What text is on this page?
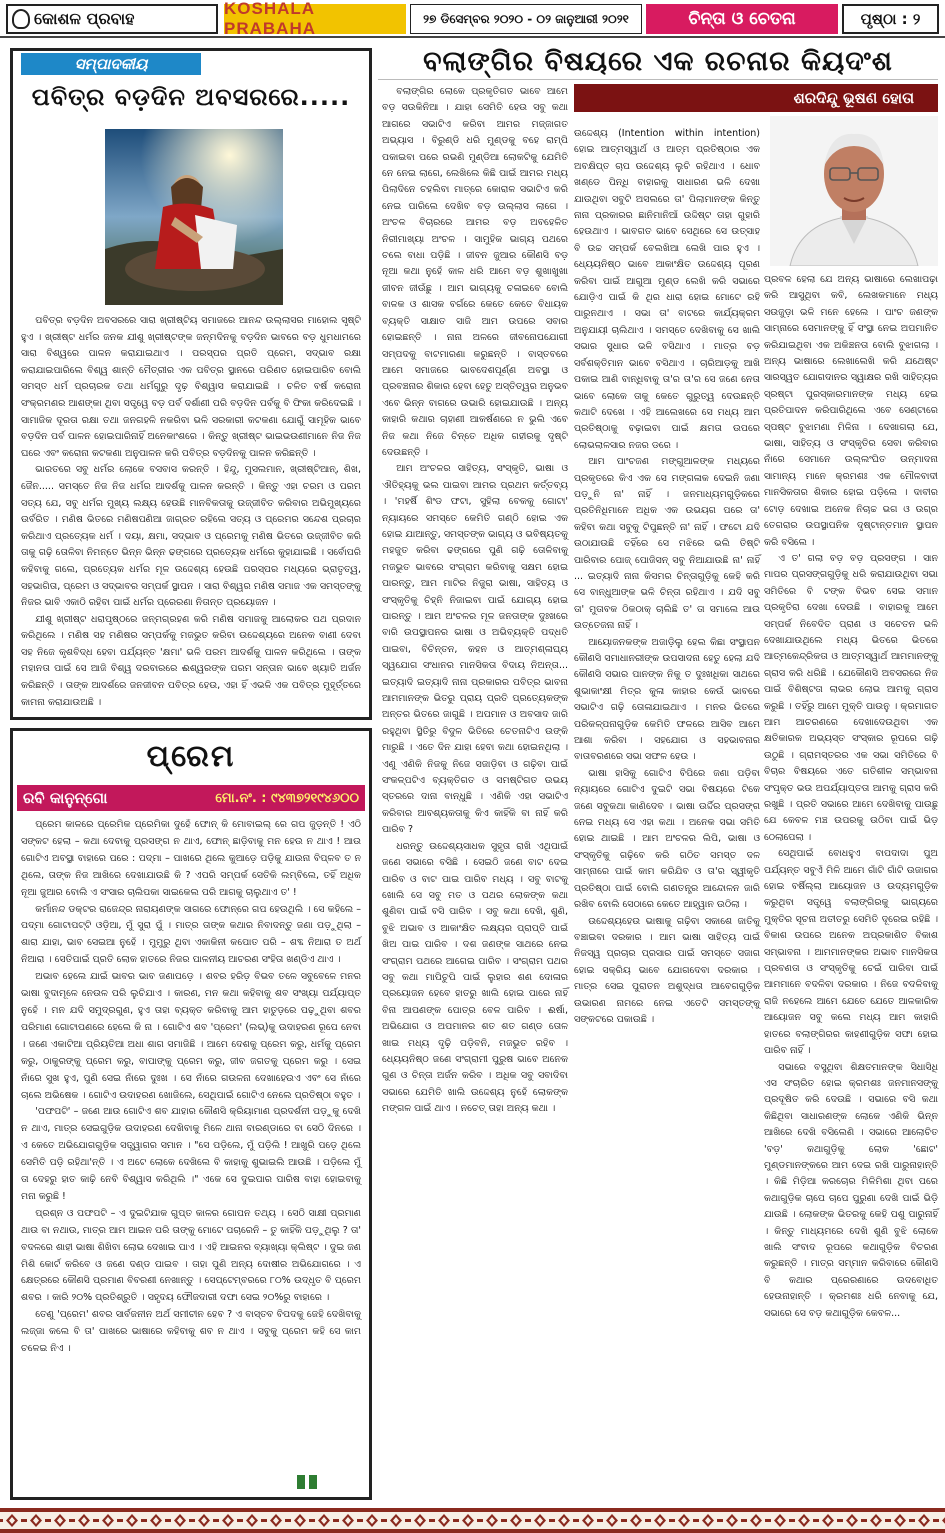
କୋଶଳ ପ୍ରବାହ
KOSHALA PRABAHA
୨୭ ଡିସେମ୍ବର ୨୦୨୦ - ୦୨ ଜାନୁଆରୀ ୨୦୨୧	ଚିନ୍ତା ଓ ଚେତନା	ପୃଷ୍ଠା : ୨
ସମ୍ପାଦକୀୟ
ପବିତ୍ର ବଡ଼ଦିନ ଅବସରରେ.....

ପବିତ୍ର ବଡ଼ଦିନ ଅବସରରେ ସାରା ଖ୍ରୀଷ୍ଟିୟ ସମାଜରେ ଆନନ୍ଦ ଉଲ୍ଲାସର ମାହୋଲ ସୃଷ୍ଟି ହୁଏ । ଖ୍ରୀଷ୍ଟ ଧର୍ମର ଜନକ ଯୀଶୁ ଖ୍ରୀଷ୍ଟଙ୍କ ଜନ୍ମଦିନକୁ ବଡ଼ଦିନ ଭାବରେ ବଡ଼ ଧୁମଧାମରେ ସାରା ବିଶ୍ୱରେ ପାଳନ କରାଯାଇଥାଏ । ପରସ୍ପର ପ୍ରତି ପ୍ରେମ, ସଦ୍‌ଭାବ ରକ୍ଷା କରାଯାଇପାରିଲେ ବିଶ୍ୱ ଶାନ୍ତି ମୈତ୍ରୀର ଏକ ପବିତ୍ର ସ୍ଥାନରେ ପରିଣତ ହୋଇପାରିବ ବୋଲି ସମସ୍ତ ଧର୍ମ ପ୍ରଚାରକ ତଥା ଧର୍ମଗୁରୁ ଦୃଢ଼ ବିଶ୍ୱାସ କରାଯାଇଛି । ଚଳିତ ବର୍ଷ କରୋନା ସଂକ୍ରମଣର ଆଶଙ୍କା ଥିବା ସତ୍ତ୍ୱେ ବଡ଼ ପର୍ବ ଦର୍ଶାଣୀ ପରି ବଡ଼ଦିନ ପର୍ବକୁ ବି ଫିକା କରିଦେଇଛି । ସାମାଜିକ ଦୂରତା ରକ୍ଷା ତଥା ଜନଗହଳି ନକରିବା ଭଳି ସରକାରୀ କଟକଣା ଯୋଗୁଁ ସାମୂହିକ ଭାବେ ବଡ଼ଦିନ ପର୍ବ ପାଳନ ହୋଇପାରିନାହିଁ ଅନେକାଂଶରେ । କିନ୍ତୁ ଖ୍ରୀଷ୍ଟ ଭାଇଭଉଣୀମାନେ ନିଜ ନିଜ ଘରେ ଏବଂ କରୋନା କଟକଣା ଅନୁପାଳନ କରି ପବିତ୍ର ବଡ଼ଦିନକୁ ପାଳନ କରିଛନ୍ତି ।

ଭାରତରେ ସବୁ ଧର୍ମର ଲୋକେ ବସବାସ କରନ୍ତି । ହିନ୍ଦୁ, ମୁସଲମାନ, ଖ୍ରୀଷ୍ଟିଆନ୍, ଶିଖ, ଜୈନ..... ସମସ୍ତେ ନିଜ ନିଜ ଧର୍ମର ଆଦର୍ଶକୁ ପାଳନ କରନ୍ତି । କିନ୍ତୁ ଏହା ଚରମ ଓ ପରମ ସତ୍ୟ ଯେ, ସବୁ ଧର୍ମର ମୁଖ୍ୟ ଲକ୍ଷ୍ୟ ହେଉଛି ମାନବିକତାକୁ ଉଜ୍ଜୀବିତ କରିବାର ଅଭିମୁଖ୍ୟରେ ଉର୍ବରିତ । ମଣିଷ ଭିତରେ ମଣିଷପଣିଆ ଜାଗ୍ରତ ରହିଲେ ସତ୍ୟ ଓ ପ୍ରେମର ସନ୍ଦେଶ ପ୍ରଚାର କରିଥାଏ ପ୍ରତ୍ୟେକ ଧର୍ମ । ଦୟା, କ୍ଷମା, ସଦ୍‌ଭାବ ଓ ପ୍ରେମକୁ ମଣିଷ ଭିତରେ ଉଜ୍ଜୀବିତ କରି ତାକୁ ଗଢ଼ି ତୋଳିବା ନିମନ୍ତେ ଭିନ୍ନ ଭିନ୍ନ ଢଙ୍ଗରେ ପ୍ରତ୍ୟେକ ଧର୍ମରେ କୁହାଯାଇଛି । ସର୍ବୋପରି କହିବାକୁ ଗଲେ, ପ୍ରତ୍ୟେକ ଧର୍ମର ମୂଳ ଉଦ୍ଦେଶ୍ୟ ହେଉଛି ପରସ୍ପର ମଧ୍ୟରେ ଭ୍ରାତୃତ୍ୱ, ସହଭାଗିତା, ପ୍ରେମ ଓ ସଦ୍‌ଭାବର ସମ୍ପର୍କ ସ୍ଥାପନ । ସାରା ବିଶ୍ୱର ମଣିଷ ସମାଜ ଏକ ସମସ୍ତଙ୍କୁ ନିଜର ଭାବି ଏକାଠି ରହିବା ପାଇଁ ଧର୍ମର ପ୍ରେରଣା ନିତାନ୍ତ ପ୍ରୟୋଜନ ।

ଯୀଶୁ ଖ୍ରୀଷ୍ଟ ଧରାପୃଷ୍ଠରେ ଜନ୍ମଗ୍ରହଣ କରି ମଣିଷ ସମାଜକୁ ଆଲୋକର ପଥ ପ୍ରଦାନ କରିଥିଲେ । ମଣିଷ ସହ ମଣିଷର ସମ୍ପର୍କକୁ ମଜଭୁତ କରିବା ଉଦ୍ଦେଶ୍ୟରେ ଅନେକ ବାଣୀ ଦେବା ସହ ନିଜେ କୃଶବିଦ୍ଧ ହେବା ପର୍ଯ୍ୟନ୍ତ 'କ୍ଷମା' ଭଳି ପରମ ଆଦର୍ଶକୁ ପାଳନ କରିଥିଲେ । ତାଙ୍କ ମହାନତା ପାଇଁ ସେ ଆଜି ବିଶ୍ୱ ଦରବାରରେ ଈଶ୍ୱରଙ୍କ ପରମ ସନ୍ତାନ ଭାବେ ଖ୍ୟାତି ଅର୍ଜନ କରିଛନ୍ତି । ତାଙ୍କ ଆଦର୍ଶରେ ଜନଜୀବନ ପବିତ୍ର ହେଉ, ଏହା ହିଁ ଏଭଳି ଏକ ପବିତ୍ର ମୁହୂର୍ତ୍ତରେ କାମନା କରାଯାଉଅଛି ।

ପ୍ରେମ
ରବି କାନୁନ୍‌ଗୋ	ମୋ.ନଂ. : ୯୪୩୭୨୧୯୪୬୦୦

ପ୍ରେମ କାଳରେ ପ୍ରେମିକ ପ୍ରେମିକା ଦୁହେଁ ଫୋନ୍ କି ମୋବାଇଲ୍ ରେ ଗପ ଜୁଡ଼ନ୍ତି ! ଏଠି ସଙ୍କଟ ହେଲା – କଥା ଦେବାକୁ ପ୍ରସଙ୍ଗ ନ ଥାଏ, ଫୋନ୍ ଛାଡ଼ିବାକୁ ମନ ହେଉ ନ ଥାଏ ! ଆଉ ଗୋଟିଏ ଅବସ୍ଥା ବାହାରେ ପରେ : ପଦ୍ମା – ପାଖରେ ଥିଲେ କୁଆଡ଼େ ପଡ଼ିକୁ ଯାଉନା ବିପ୍ଳବ ତ ନ ଥିଲେ, ତାଙ୍କ ନିଜ ଆଖିରେ ଦେଖାଯାଉଛି କି ? ଏପରି ସମ୍ପର୍କ ସେତିକି ଲମ୍ବିଲେ, ତହିଁ ଅଧିକ ନୂଆ ଜୁଆର ବୋଲି ଏ ସଂସାର ଚାଲିପକା ସାଇକେଲ ପରି ଆଗକୁ ଚାଲୁଥାଏ ତ' !

କର୍ମାନନ୍ଦ ଡକ୍ଟର ରାଜେନ୍ଦ୍ର ନାରାୟଣଙ୍କ ସାଗରେ ଫୋନ୍‌ରେ ଗପ ହେଉଥିଲି । ସେ କହିଲେ – ପଦ୍ମା ଗୋଟାପଟ୍ଟି ଓଡ଼ିଆ, ମୁଁ ସୁରା ପୁଁ । ମାତ୍ର ତାଙ୍କ କଥାର ନିବାଦନ୍ତୁ ଜଣା ପଡ଼ୁଥିଲା – ଶାରା ଯାହା, ଭାବ ସେଇଆ ନୁହେଁ । ମୁମୁରୁ ଥିବା ଏକାକିନୀ କପୋତ ପରି – ଶବ୍ଦ ନିଆରା ତ ଅର୍ଥ ନିଆରା । ସେତିପାଇଁ ପ୍ରତି ଲୋକ ହାତରେ ନିଜର ପାଳନୀୟ ଆଚରଣ ସଂହିତା ଖଣ୍ଡିଏ ଥାଏ ।

ଅଭାବ ହେଲେ ଯାଇଁ ଭାବର ଭାବ ଜଣାପଡ଼େ । ଶବର ହରିଡ଼ ବିଭବ ତଳେ ସବୁବେଳେ ମନର ଭାଷା ବୁଦାମୂଳେ ନେଉଳ ପରି ଲୁଚିଯାଏ । କାରଣ, ମନ କଥା କହିବାକୁ ଶବ ସଂଖ୍ୟା ପର୍ଯ୍ୟାପ୍ତ ନୁହେଁ । ମନ ଯଦି ସମୁଦ୍ରଗୁଣ, ହୁଏ ତାହା ବ୍ୟକ୍ତ କରିବାକୁ ଆମ ହାତୁଡ଼ରେ ପଢ଼ୁଥିବା ଶବର ପରିମାଣ ଗୋଟାପଣରେ ହେଲେ କି ନା । ଗୋଟିଏ ଶବ 'ପ୍ରେମ' (ଲଭ୍)କୁ ଉଦାହରଣ ରୂପେ ନେବା । ଜଣେ ଏକାଟିଆ ପ୍ରିୟତିଆ ଅଧା ଶାଗ ସମାଜିଛି । ଆମେ ଦେଶକୁ ପ୍ରେମ କରୁ, ଧର୍ମକୁ ପ୍ରେମ କରୁ, ଠାକୁରଙ୍କୁ ପ୍ରେମ କରୁ, ବାପାଙ୍କୁ ପ୍ରେମ କରୁ, ଜୀବ ଜଗତକୁ ପ୍ରେମ କରୁ । ସେଇ ନାଁରେ ସୁଖ ହୁଏ, ପୁଣି ସେଇ ନାଁରେ ଦୁଃଖ । ସେ ନାଁରେ ଗଉଳନା ଦେଖାହେଉଏ ଏବଂ ସେ ନାଁରେ ଚାଲେ ଅଭିଷେକ । ଗୋଟିଏ ଉଦାହରଣ ଖୋଜିଲେ, ସେଥିପାଇଁ ଗୋଟିଏ ନେଲେ ପ୍ରତିଷ୍ଠା ବହୁତ ।

'ପଫପଟି' – ଜଣେ ଆଉ ଗୋଟିଏ ଶବ ଯାହାର କୌଣସି କ୍ରିୟାମାଣ ପ୍ରଦର୍ଶନୀ ପଡ଼ୁକୁ ଦେଖି ନ ଥାଏ, ମାତ୍ର ସେଇଗୁଡ଼ିକ ଉଦାହରଣ ଦେଖିବାକୁ ମିଳେ ଥାନା ବାରଣ୍ଡାରେ ବା ସେଠି ଦିନରେ । ଏ କେତେ ଅଭିଯୋଗଗୁଡ଼ିକ ସତ୍ତ୍ୱାଗର ସମାନ । "ସେ ପଡ଼ିଲେ, ମୁଁ ପଡ଼ିଲି ! ଆଖୁରି ପଡ଼େ ଥିଲେ ସେମିତି ପଡ଼ି ରହିଥା'ନ୍ତି । ଏ ଅଟେ ଲୋକେ ଦେଖିଲେ ବି କାହାକୁ ଶୁଭାଇଲି ଆଉଛି । ପଡ଼ିଲେ ମୁଁ ତା ଦେହରୁ ହାତ କାଢ଼ି ନେବି ବିଶ୍ୱାସ କରିଥିଲି ।" ଏକେ ସେ ଦୁଇପାର ପାରିଷ ବାହା ହୋଇବାକୁ ମନା କରୁଛି !

ପ୍ରଶ୍ନ ଓ ପଫପଟି – ଏ ଦୁଇଟିଯାକ ଗୁପ୍ତ କାଳର ଗୋପନ ତଥ୍ୟ । ସେଠି ସାକ୍ଷୀ ପ୍ରମାଣ ଥାଉ ବା ନଥାଉ, ମାତ୍ର ଆମ ଆଇନ ପରି ତାଙ୍କୁ ମୋଟେ ପଚାରେନି – ତୁ କାହିଁକି ପଡ଼ୁଥିଲୁ ? ତା' ବଦଳରେ ଶାହୀ ଭାଷା ଶିଖିବା ଲୋଭ ଦେଖାଇ ପାଏ । ଏହି ଆଇନର ବ୍ୟାଖ୍ୟା କ୍ଲିଷ୍ଟ । ଦୁଇ ଜଣ ମିଶି କୋର୍ଟ କରିବେ ଓ ଜଣେ ଦଣ୍ଡ ପାଇବ । ତାହା ପୁଣି ଅନ୍ୟ ଦୋଷୀର ଅଭିଯୋଗରେ । ଏ କ୍ଷେତ୍ରରେ କୌଣସି ପ୍ରମାଣ ବିବରଣୀ ନେଖାନ୍ତୁ । ସେପ୍ଟେମ୍ବରରେ ୮୦% ଉଦ୍ଧୃତ ବି ପ୍ରେମ ଶବର । କାରି ୨୦% ପ୍ରତିଶ୍ରୁତି । ସହୃଦୟ ଫୌଜଦାରୀ ଦଫା ସେଇ ୨୦%ରୁ ବାହାରେ ।

ତେଣୁ 'ପ୍ରେମ' ଶବର ସାର୍ବଜନୀନ ଅର୍ଥ ସମୀଚୀନ ହେବ ? ଏ ବାସ୍ତବ ବିପଦକୁ ଜେହି ଦେଖିବାକୁ ଲଜ୍ଜା କଲେ ବି ତା' ପାଖରେ ଭାଷାରେ କହିବାକୁ ଶବ ନ ଥାଏ । ସବୁକୁ ପ୍ରେମ କହି ସେ କାମ ଚଳେଇ ନିଏ ।

ବଲାଙ୍ଗିର ବିଷୟରେ ଏକ ରଚନାର କିୟଦଂଶ
ଶରଦିନ୍ଦୁ ଭୂଷଣ ହୋତା

ବଲାଙ୍ଗିର ଲୋକେ ପ୍ରକୃତିଗତ ଭାବେ ଆମେ ବଡ଼ ସଉକିନିଆ । ଯାହା ସେମିତି ହେଉ ସବୁ କଥା ଆଗରେ ସଭାଟିଏ କରିବା ଆମର ମଜ୍ଜାଗତ ଅଭ୍ୟାସ । ବିରୁଣ୍ଡି ଧରି ମୁଣ୍ଡକୁ ବହେ ରାମ୍ପି ପକାଇବା ପରେ ରଭଣି ମୁଣ୍ଡିଆ ଲୋକଟିକୁ ଯେମିତି ନେ ନେଇ ଲାଗେ, ଲେଖିଲେ କିଛି ପାଇଁ ଆମର ମଧ୍ୟ ପିଲାଦିନେ ଚହଲିବା ମାତ୍ରେ କୋରାଳ ସଭାଟିଏ କରି ନେଇ ପାରିଲେ ଦେଖିବ ବଡ଼ ଉଲ୍ଲାସ ଲାଗେ । ଅଂଚଳ ବିଚାରରେ ଆମର ବଡ଼ ଅବହେଳିତ ନିରୀମାଖ୍ୟା ଅଂଚଳ । ସାମୁହିକ ଭାଗ୍ୟ ପଥରେ ଚଲେ ବାଧା ପଡ଼ିଛି । ଜୀବନ ଜୁଆର କୌଣସି ବଡ଼ ନୂଆ କଥା ନୁହେଁ କାଳ ଧରି ଆମେ ବଡ଼ ଶୁଖାଖୁଖା ଜୀବନ ଜୀଉଁଛୁ । ଆମ ଭାଗ୍ୟକୁ ଚଳାଇବେ ବୋଲି ବାଳକ ଓ ଶାସକ ବର୍ଗରେ କେତେ କେତେ ବିଧାୟକ ବ୍ୟକ୍ତି ସାକ୍ଷାତ ସାଜି ଆମ ଉପରେ ସବାର ହୋଇଛନ୍ତି । ନାନା ଅଳରେ ଜୀବନୋପଯୋଗୀ ସମ୍ପଦକୁ ବାଟମାରଣା କରୁଛନ୍ତି । ବାସ୍ତବରେ ଆମେ ସମାଜରେ ଭାବଦେଶପୂର୍ଣ୍ଣ ଅବସ୍ଥା ଓ ପ୍ରବଞ୍ଚନାର ଶିକାର ହେବା ହେତୁ ଅସ୍ତିତ୍ୱର ଅନୁଭବ ଏବେ ଭିନ୍ନ ବାଗରେ ଉଭାରି ହୋଇଯାଉଛି । ଅନ୍ୟ କାହାରି କଥାର ଚାହାଣୀ ଆକର୍ଷଣରେ ନ ଭୁଲି ଏବେ ନିଜ କଥା ନିଜେ ଚିନ୍ତେ ଅଧିକ ଗହୀରକୁ ଦୃଷ୍ଟି ଦେଉଛନ୍ତି ।

ଆମ ଅଂଚଳର ସାହିତ୍ୟ, ସଂସ୍କୃତି, ଭାଷା ଓ ଐତିହ୍ୟକୁ ଭଲ ପାଇବା ଆମର ପ୍ରଥମ କର୍ତ୍ତବ୍ୟ । 'ମହର୍ଷି ଶିଂଡ ଫଟା, ସୁହିଲା ବେକକୁ ଗୋଟା' ନ୍ୟାୟରେ ସମସ୍ତେ କେମିତି ଗଣ୍ଠି ହୋଇ ଏକ ହୋଇ ଯାଆନ୍ତୁ, ସମସ୍ତଙ୍କ ଭାଗ୍ୟ ଓ ଭବିଷ୍ୟତକୁ ମହଜୁତ କରିବା ଢଙ୍ଗରେ ପୁଣି ଗଢ଼ି ତୋଳିବାକୁ ମଜଭୁତ ଭାବରେ ସଂଗ୍ରାମ କରିବାକୁ ସକ୍ଷମ ହୋଇ ପାରନ୍ତୁ, ଆମ ମାଟିର ନିଜୁରା ଭାଷା, ସାହିତ୍ୟ ଓ ସଂସ୍କୃତିକୁ ଚିହ୍ନି ନିଜାଇବା ପାଇଁ ଯୋଗ୍ୟ ହୋଇ ପାରନ୍ତୁ । ଆମ ଅଂଚଳର ମୂଳ ଜନତାଙ୍କ ଦୁଃଖରେ ବାରି ଉପସ୍ଥାପନର ଭାଷା ଓ ଅଭିବ୍ୟକ୍ତି ପଦ୍ଧତି ପାଇବା, ବିଚିନ୍ତନ, କହନ ଓ ଆତ୍ମଶ୍ଳାଘ୍ୟ ସ୍ୱଯୋଗ ସଂଧାନର ମାନସିକତା ବିଦାୟ ନିଅନ୍ତା... ଇତ୍ୟାଦି ଇତ୍ୟାଦି ନାନା ପ୍ରକାରର ପବିତ୍ର ଭାବନା ଆମମାନଙ୍କ ଭିତରୁ ପ୍ରାୟ ପ୍ରତି ପ୍ରତ୍ୟେକଙ୍କ ଅନ୍ତର ଭିତରେ ଜାଗୁଛି । ଅପମାନ ଓ ଅବସାଦ ଜାରି ରହୁଥିବା ସ୍ଥିତିରୁ ବିଦୁଳ ଭିତିରେ ଚେତନାଟିଏ ଉଙ୍କି ମାରୁଛି । ଏତେ ଦିନ ଯାହା ହେବା କଥା ହୋଇନଥିଲା । ଏଣୁ ଏଣିକି ନିଜକୁ ନିଜେ ସଜାଡ଼ିବା ଓ ଗଢ଼ିବା ପାଇଁ ସଂକଳ୍ପଟିଏ ବ୍ୟକ୍ତିଗତ ଓ ସମଷ୍ଟିଗତ ଉଭୟ ସ୍ତରରେ ଦାନା ବାନ୍ଧୁଛି । ଏଣିକି ଏହା ସଭାଟିଏ କରିବାର ଆବଶ୍ୟକତାକୁ କିଏ କାହିଁକି ବା ନାହିଁ କରି ପାରିବ ?

ଧରନ୍ତୁ ଉଦ୍ଦେଶ୍ୟସାଧକ ସୁହୃତା ରାଖି ଏଥିପାଇଁ ଜଣେ ସଭାରେ ବସିଛି । ସେଇଠି ଜଣେ ବାଟ ଦେଇ ପାରିବ ଓ ବାଟ ପାଇ ପାରିବ ମଧ୍ୟ । ସବୁ ବାଟକୁ ଖୋଲି ସେ ସବୁ ମତ ଓ ପଥର ଲୋକଙ୍କ କଥା ଶୁଣିବା ପାଇଁ ବସି ପାରିବ । ସବୁ କଥା ଦେଖି, ଶୁଣି, ବୁଝି ଅଭାବ ଓ ଆକାଂକ୍ଷିତ ଲକ୍ଷ୍ୟର ପ୍ରାପ୍ତି ପାଇଁ ଖିଅ ପାଇ ପାରିବ । ଦଶ ଜଣଙ୍କ ସାଥରେ ନେଇ ସଂଗ୍ରାମ ପଥରେ ଆଗେଇ ପାରିବ । ସଂଗ୍ରାମ ପଥର ସବୁ କଥା ମାପିଚୁପି ପାଇଁ ଲୁହାର ଶଣ ଦୋଳାର ପ୍ରୟୋଜନ ହେବେ ହାତରୁ ଖାଲି ହୋଇ ପାରେ ନାହିଁ ବିନା ଆପଣଙ୍କ ପୋତ୍ର ବେଳ ପାରିବ । ଈର୍ଷା, ଅଭିଯୋଗ ଓ ଅପମାନର ଶତ ଶତ ଗଣ୍ଡ ତୋଳ ଖାଇ ମଧ୍ୟ ଦୃଢ଼ି ପଡ଼ିବନି, ମଜଭୁତ ରହିବ । ଧ୍ୟେୟନିଷ୍ଠ ଜଣେ ସଂଗ୍ରାମୀ ପୁରୁଷ ଭାବେ ଅନେକ ଗୁଣ ଓ ଚିନ୍ତା ଅର୍ଜନ କରିବ । ଅଧିକ ସବୁ ସବାଦିବା ସଭାରେ ଯେମିତି ଖାଲି ଉଦ୍ଦେଶ୍ୟ ନୁହେଁ ଲୋକଙ୍କ ମଙ୍ଗଳ ପାଇଁ ଥାଏ । ନଚେତ୍ ତାହା ଅନ୍ୟ କଥା ।

ଉଦ୍ଦେଶ୍ୟ (Intention within intention) ହୋଇ ଆତ୍ମସ୍ୱାର୍ଥ ଓ ଆତ୍ମ ପ୍ରତିଷ୍ଠାର ଏକ ଅବକ୍ଷିପ୍ତ ଚାପ ଉଦ୍ଦେଶ୍ୟ ଲୁଚି ରହିଥାଏ । ଧୋବ ଖଣ୍ଡେ ପିନ୍ଧି ବାହାରକୁ ସାଧାରଣ ଭଳି ଦେଖା ଯାଉଥିବା ସବୁଟି ଅସଲରେ ତା' ପିଲାମାନଙ୍କ କିନ୍ତୁ ନାନା ପ୍ରକାରର ଛାନିମାନିଆଁ ଉଦ୍ଦିଷ୍ଟ ତାହା ଗୁହାରି ହେଉଥାଏ । ଭାବଗତ ଭାବେ ସେଥିରେ ସେ ଉତ୍ସାହ ବି ଉଚ୍ଚ ସମ୍ପର୍କ ବେଲଖିଆ ଲେଖି ପାର ହୁଏ । ଧ୍ୟେୟନିଷ୍ଠ ଭାବେ ଆକାଂକ୍ଷିତ ଉଦ୍ଦେଶ୍ୟ ପୂରଣ କରିବା ପାଇଁ ଆଗୁଆ ମୁଣ୍ଡ ଲେଖି କରି ସଭାରେ ଯୋଡ଼ିଏ ପାଇଁ କି ଥିର ଧାରା ହୋଇ ମୋଟେ ରହି ପାରୁନଥାଏ । ସଭା ତା' ବାଟରେ କାର୍ଯ୍ୟକ୍ରମ ଅନୁଯାୟୀ ଚାଲିଥାଏ । ସମସ୍ତେ ଦେଖିବାକୁ ସେ ଖାଲି ସଭାର ସୁଧାର ଭଳି ବସିଥାଏ । ମାତ୍ର ବଡ଼ ସର୍ବଶକ୍ତିମାନ ଭାବେ ବସିଥାଏ । ଚାରିଆଡ଼କୁ ଆଖି ପକାଇ ଆଣି ବାନ୍ଧିବାକୁ ତା'ର ତା'ର ସେ ଜଣେ ନେତା ଭାବେ ଲୋକେ ତାକୁ କେତେ ଗୁରୁତ୍ୱ ଦେଉଛନ୍ତି କଥାଟି ଦେଖେ । ଏହି ଆଲେଖରେ ସେ ମଧ୍ୟ ଆମ ପ୍ରତିଷ୍ଠାକୁ ବଢ଼ାଇବା ପାଇଁ କ୍ଷମତା ଉପରେ ଲୋଭଲାଳସାର ନଜର ଡରେ ।

ଆମ ପାଂଚଜଣ ମଙ୍ଗୁଆଳଙ୍କ ମଧ୍ୟରେ ପ୍ରକୃତରେ କିଏ ଏକ ସେ ମଙ୍ଗଳାକ ଦେଇନି ଜଣା ପଡ଼ୁନି ନା' ନାହିଁ । ଜନମାଧ୍ୟମଗୁଡ଼ିକରେ ପ୍ରତିନିଧିମାନେ ଅଧିକ ଏକ ଉଭୟଗ ପରେ ତା' କହିବା କଥା ସବୁକୁ ଟିପୁଛନ୍ତି ନା' ନାହିଁ । ଫଟୋ ଯଦି ଉଠାଯାଉଛି ତହିଁରେ ସେ ମଝିରେ ଭଲି ତିଷ୍ଟି ପାରିବାର ପୋଜ୍ ପୋଜିସନ୍ ସବୁ ନିଆଯାଉଛି ନା' ନାହିଁ ... ଇତ୍ୟାଦି ନାନା କିସମର ଚିନ୍ତାଗୁଡ଼ିକୁ କେହି କରି ସେ ବାନ୍ଧୁଆଙ୍କ ଭଳି ଚିନ୍ତା ରହିଥାଏ । ଯଦି ସବୁ ତା' ମୁତାବକ ଠିକଠାକ୍ ଚାଲିଛି ତ' ତା ସମାଲେ ଆଉ ଉତ୍ତେଜନା ନାହିଁ ।

ଆୟୋଜନକଙ୍କ ଅଜାଡ଼ିଲୁ ହେଲ କିଛା ସଂସ୍ଥାପନ କୌଣସି ସମାଧାନରୀଙ୍କ ଉପସାଦନା ହେତୁ ହେଲା ଯଦି କୌଣସି ସଭାର ପାନଙ୍କ ନିକୁ ତ ଦୁଃଖଧିକା ସାଥରେ ଶୁଭାକାଂକ୍ଷୀ ମିତ୍ର କୁଳା କାହାର କେଉଁ ଭାବରେ ସଭାଟିଏ ଗଢ଼ି ତୋଳାଯାଇଥାଏ । ମନର ଭିତରେ ପରିକଳ୍ପନାଗୁଡ଼ିକ କେମିତି ଫଳରେ ଆସିବ ଆମେ ଆଶା କରିବା । ସହଯୋଗ ଓ ସହଭାବନାର ବାତାବରଣରେ ସଭା ସଫଳ ହେଉ ।

ଭାଷା ହାସିକୁ ଗୋଟିଏ ବିପିରେ ଜଣା ପଡ଼ିବା ନ୍ୟାୟରେ ଗୋଟିଏ ଦୁଇଟି ସଭା ବିଷୟରେ ଟିକେ ଜଣେ ସବୁକଥା କାଣିଦେବ । ଭାଷା ଉର୍ଦ୍ଦିର ପ୍ରସଙ୍ଗ ନେଇ ମଧ୍ୟ ସେ ଏହା କଥା । ଅନେକ ସଭା ସମିତି ହୋଇ ଥାଇଛି । ଆମ ଅଂଚଳର ଲିପି, ଭାଷା ଓ ସଂସ୍କୃତିକୁ ଗଢ଼ିବେ କରି ଗଠିତ ସମସ୍ତ ଦଳ ସାମ୍ନାରେ ପାଇଁ କାମ କରିଯିବ ଓ ତା'ର ସ୍ୱୀକୃତି ପ୍ରତିଷ୍ଠା ପାଇଁ ବୋଲି ଗଣତନ୍ତ୍ର ଆନ୍ଦୋଳନ ଜାରି ରଖିବ ବୋଲି ସେଠାରେ କେତେ ଆହ୍ୱାନ ଉଠିଲା ।

ଉଦ୍ଦେଶ୍ୟହେଉ ଭାଷାକୁ ଗଢ଼ିବା ସକାଶେ ଜାତିକୁ ବଞ୍ଚାଇବା ଦରକାର । ଆମ ଭାଷା ସାହିତ୍ୟ ପାଇଁ ନିଜସ୍ୱ ପ୍ରଚାର ପ୍ରସାର ପାଇଁ ସମସ୍ତେ ସଜାଗ ହୋଇ ସକ୍ରିୟ ଭାବେ ଯୋଗଦେବା ଦରକାର । ମାତ୍ର ସେଇ ପୁରାତନ ଅଶୁଦ୍ଧତା ଆବେଗଗୁଡ଼ିକ ଉଭାରଣ ନାମରେ ନେଇ ଏତେଟି ସମସ୍ତଙ୍କୁ ସଙ୍କଟରେ ପକାଉଛି ।

ପ୍ରବଳ ହେଲା ଯେ ଅନ୍ୟ ଭାଷାରେ ଲେଖାପଢ଼ା କରି ଆସୁଥିବା କବି, ଲେଖକମାନେ ମଧ୍ୟ ସଉଜୁଡ଼ା ଭଳି ମନେ ହେଲେ । ପାଂଚ ଜଣଙ୍କ ସାମ୍ନାରେ ସେମାନଙ୍କୁ ହିଁ ସଂସ୍ଥା ନେଇ ଅପମାନିତ କରିଯାଇଥିବା ଏକ ଅକିଞ୍ଚନତା ବୋଲି ବୁଝାଗଲା । ଅନ୍ୟ ଭାଷାରେ ଲେଖାଲେଖି କରି ଯଥେଷ୍ଟ ସାରସ୍ୱତ ଯୋଗଦାନର ସ୍ୱାକ୍ଷର ରଖି ସାହିତ୍ୟର ସ୍ରଷ୍ଟା ପୁରସ୍କାରମାନଙ୍କ ମଧ୍ୟ ହେଇ ପ୍ରତିପାଦନ କରିପାରିଥିଲେ ଏବେ ସେଣ୍ଟାରେ ସ୍ପଷ୍ଟ ବୁଝାମଣା ମିଳିନା । ଦେଖାଗଲା ଯେ, ଭାଷା, ସାହିତ୍ୟ ଓ ସଂସ୍କୃତିର ସେବା କରିବାର ନାଁରେ ସେମାନେ ଉଲ୍ଲଂଘିତ ଉନ୍ମାଦନା ସାମାନ୍ୟ ମାନେ କ୍ରମଶଃ ଏକ ମୌଳବାଦୀ ମାନସିକତାର ଶିକାର ହୋଇ ପଡ଼ିଲେ । ଦାବୀର ଟୋଡ଼ ଦେଖାଇ ଅନେକ ନିଚାଚ୍ଚ ଭଗ ଓ ଉଗ୍ର ତେଗରାର ଉପସ୍ଥାପନିକ ଦୃଷ୍ଟାନ୍ତମାନ ସ୍ଥାପନ କରି ବସିଲେ ।

ଏ ତ' ଗଲା ବଡ଼ ବଡ଼ ପ୍ରସଙ୍ଗ । ସାନ ମାପର ପ୍ରସଙ୍ଗଗୁଡ଼ିକୁ ଧରି କରାଯାଉଥିବା ସଭା ସମିତିରେ ବି ଟଙ୍କ ବିଭବ ସେଇ ସମାନ ପ୍ରକୃତିରା ଦେଖା ଦେଉଛି । ବାହାରକୁ ଆମେ ସମ୍ପର୍କ ନିବେଦିତ ପ୍ରାଣ ଓ ସଚେତନ ଭଳି ଦେଖାଯାଉଥିଲେ ମଧ୍ୟ ଭିତରେ ଭିତରେ ଆତ୍ମକେନ୍ଦ୍ରିକତା ଓ ଆତ୍ମସ୍ୱାର୍ଥ ଆମମାନଙ୍କୁ ଗ୍ରାସ କରି ଧରିଛି । ଯେକୌଣସି ଅବସରରେ ନିଜ ପାଇଁ ବିଶିଷ୍ଟତା ଲାଭର ଲୋଭ ଆମକୁ ଗ୍ରାସ କରୁଛି । ତହିଁରୁ ଆମେ ମୁକ୍ତି ପାଉନୁ । କ୍ରମାଗତ ଆମ ଆଚରଣରେ ଦେଖାଦେଉଥିବା ଏକ କ୍ଷତିକାରକ ଅଭ୍ୟସ୍ତ ସଂସ୍କାର ରୂପରେ ଗଢ଼ି ଉଠୁଛି । ଗ୍ରାମସ୍ତରର ଏକ ସଭା ସମିତିରେ ବି ବିଚାର ବିଷୟରେ ଏତେ ଗତିଶୀଳ ସମ୍ଭାବନା ସଂପୃକ୍ତ ଭଉ ଅପର୍ଯ୍ୟାପ୍ତତା ଆମକୁ ଗ୍ରାସ କରି ରଖୁଛି । ପ୍ରତି ସଭାରେ ଆମେ ଦେଖିବାକୁ ପାଉଛୁ ଯେ କେବଳ ମଞ୍ଚ ଉପରକୁ ଉଠିବା ପାଇଁ ଭିଡ଼ ଠେଲାପେଲା ।

ସେଥିପାଇଁ ବୋଧହୁଏ ବାପଦାଦା ପୁଅ ପର୍ଯ୍ୟନ୍ତ ସବୁଏଁ ମିଳି ଆମେ ଗାଁଟି ଗାଁଟି ଉଜାଗର ହୋଇ ବର୍ଷିଲ୍ଲା ଆୟୋଜନ ଓ ଉଦ୍ୟମଗୁଡ଼ିକ କରୁଥିବା ସତ୍ତ୍ୱେ ବଲାଙ୍ଗିରକୁ ଭାଗ୍ୟରେ ମୁକ୍ତିର ସୂଚନା ଅତୀତରୁ ସେମିତି ଦୂରେଇ ରହିଛି । ବିକାଶ ଉପରେ ଅନେକ ଅପ୍ରକାଶିତ ବିକାଶ ସମ୍ଭାବନା । ଆମମାନଙ୍କର ଅଭାବ ମାନସିକତା ପ୍ରବଣତା ଓ ସଂସ୍କୃତିକୁ ଚେଇଁ ପାରିବା ପାଇଁ ଆମମାନେ ବଦଳିବା ଦରକାର । ନିଜେ ବଦଳିବାକୁ ରାଜି ନହେଲେ ଆମେ ଯେତେ ଯେତେ ଆଳକାରିକ ଆୟୋଜନ ସବୁ କଲେ ମଧ୍ୟ ଆମ କାହାରି ହାତରେ ବଲାଙ୍ଗିରର କାହଣୀଗୁଡ଼ିକ ସଫା ହୋଇ ପାରିବ ନାହିଁ ।

ସଭାରେ ବସୁଥିବା ଶିକ୍ଷତମାନଙ୍କ ସିଧାସିଧି ଏସ ସଂଚାରିତ ହୋଇ କ୍ରମଶଃ ଜନମାନସଙ୍କୁ ପ୍ରଦୂଷିତ କରି ଦେଉଛି । ସଭାରେ ବସି କଥା କିଛିଥିବା ସାଧାରଣଙ୍କ ଲୋକେ ଏଣିକି ଭିନ୍ନ ଆଖିରେ ଦେଖି ବସିଲେଣି । ସଭାରେ ଆଲୋଚିତ 'ବଡ଼' କଥାଗୁଡ଼ିକୁ ଲୋକ 'ଛୋଟ' ମୁଣ୍ଡମାନଙ୍କରେ ଆମ ଦେଇ ରଖି ପାରୁନାହାନ୍ତି । କିଛି ମିଡ଼ିଆ କରଚୋର ମିଳିମିଶା ଥିବା ପରେ କଥାଗୁଡ଼ିକ ଚାପେ ଚାପେ ପୁରୁଣା ଦେଖି ପାଇଁ ଭିଡ଼ି ଯାଉଛି । ଲୋକଙ୍କ ଭିତରକୁ କେହି ପଶୁ ପାରୁନାହିଁ । କିନ୍ତୁ ମାଧ୍ୟମରେ ଦେଖି ଶୁଣି ବୁଝି ଲୋକେ ଖାଲି ସଂବାଦ ରୂପରେ କଥାଗୁଡ଼ିକ ବିଚରଣ କରୁଛନ୍ତି । ମାତ୍ର ସମ୍ମାନ କରିବାରେ କୌଣସି ବି କଥାର ପ୍ରେରଣାରେ ଉଦବୋଧିତ ହେଉନାହାନ୍ତି । କ୍ରମଶଃ ଧରି ନେବାକୁ ଯେ, ସଭାରେ ସେ ବଡ଼ କଥାଗୁଡ଼ିକ କେବଳ...
